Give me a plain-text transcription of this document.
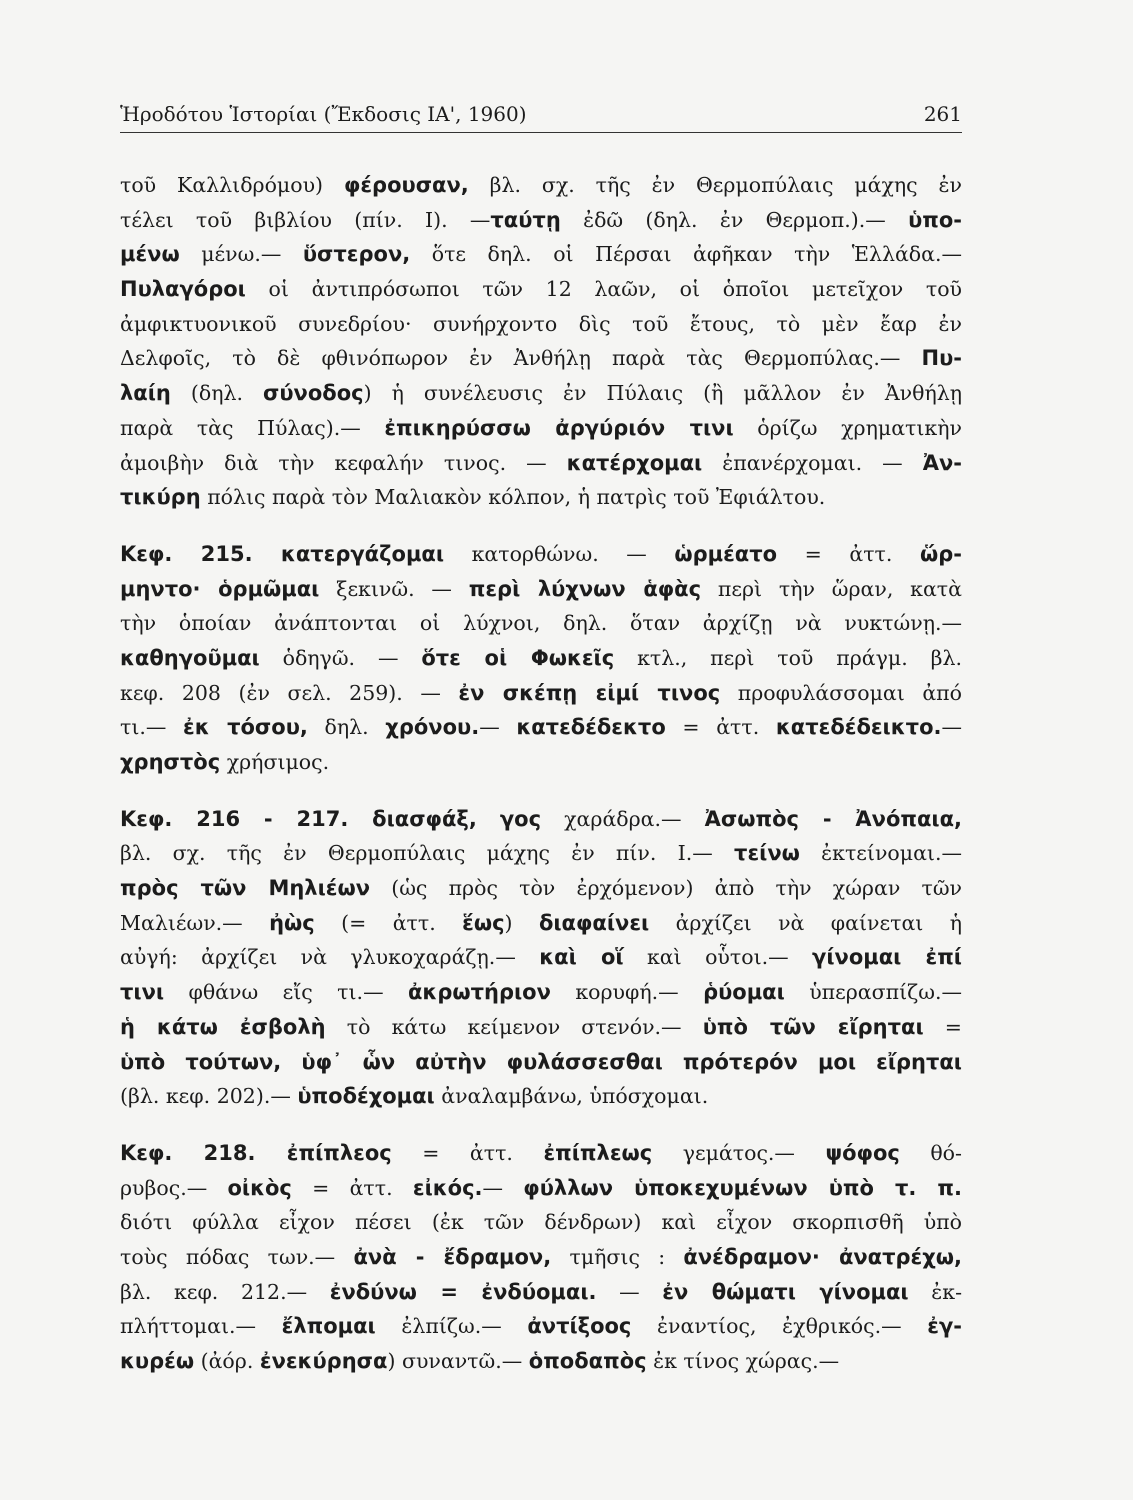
Ἡροδότου Ἱστορίαι (Ἔκδοσις ΙΑ', 1960)	261
τοῦ Καλλιδρόμου) φέρουσαν, βλ. σχ. τῆς ἐν Θερμοπύλαις μάχης ἐν
τέλει τοῦ βιβλίου (πίν. Ι). —ταύτῃ ἐδῶ (δηλ. ἐν Θερμοπ.).— ὑπο-
μένω μένω.— ὕστερον, ὅτε δηλ. οἱ Πέρσαι ἀφῆκαν τὴν Ἑλλάδα.—
Πυλαγόροι οἱ ἀντιπρόσωποι τῶν 12 λαῶν, οἱ ὁποῖοι μετεῖχον τοῦ
ἀμφικτυονικοῦ συνεδρίου· συνήρχοντο δὶς τοῦ ἔτους, τὸ μὲν ἔαρ ἐν
Δελφοῖς, τὸ δὲ φθινόπωρον ἐν Ἀνθήλῃ παρὰ τὰς Θερμοπύλας.— Πυ-
λαίη (δηλ. σύνοδος) ἡ συνέλευσις ἐν Πύλαις (ἢ μᾶλλον ἐν Ἀνθήλῃ
παρὰ τὰς Πύλας).— ἐπικηρύσσω ἀργύριόν τινι ὁρίζω χρηματικὴν
ἀμοιβὴν διὰ τὴν κεφαλήν τινος. — κατέρχομαι ἐπανέρχομαι. — Ἀν-
τικύρη πόλις παρὰ τὸν Μαλιακὸν κόλπον, ἡ πατρὶς τοῦ Ἐφιάλτου.
Κεφ. 215. κατεργάζομαι κατορθώνω. — ὡρμέατο = ἀττ. ὥρ-
μηντο· ὁρμῶμαι ξεκινῶ. — περὶ λύχνων ἁφὰς περὶ τὴν ὥραν, κατὰ
τὴν ὁποίαν ἀνάπτονται οἱ λύχνοι, δηλ. ὅταν ἀρχίζῃ νὰ νυκτώνῃ.—
καθηγοῦμαι ὁδηγῶ. — ὅτε οἱ Φωκεῖς κτλ., περὶ τοῦ πράγμ. βλ.
κεφ. 208 (ἐν σελ. 259). — ἐν σκέπῃ εἰμί τινος προφυλάσσομαι ἀπό
τι.— ἐκ τόσου, δηλ. χρόνου.— κατεδέδεκτο = ἀττ. κατεδέδεικτο.—
χρηστὸς χρήσιμος.
Κεφ. 216 - 217. διασφάξ, γος χαράδρα.— Ἀσωπὸς - Ἀνόπαια,
βλ. σχ. τῆς ἐν Θερμοπύλαις μάχης ἐν πίν. Ι.— τείνω ἐκτείνομαι.—
πρὸς τῶν Μηλιέων (ὡς πρὸς τὸν ἐρχόμενον) ἀπὸ τὴν χώραν τῶν
Μαλιέων.— ἠὼς (= ἀττ. ἕως) διαφαίνει ἀρχίζει νὰ φαίνεται ἡ
αὐγή: ἀρχίζει νὰ γλυκοχαράζῃ.— καὶ οἵ καὶ οὗτοι.— γίνομαι ἐπί
τινι φθάνω εἴς τι.— ἀκρωτήριον κορυφή.— ῥύομαι ὑπερασπίζω.—
ἡ κάτω ἐσβολὴ τὸ κάτω κείμενον στενόν.— ὑπὸ τῶν εἴρηται =
ὑπὸ τούτων, ὑφ᾽ ὧν αὐτὴν φυλάσσεσθαι πρότερόν μοι εἴρηται
(βλ. κεφ. 202).— ὑποδέχομαι ἀναλαμβάνω, ὑπόσχομαι.
Κεφ. 218. ἐπίπλεος = ἀττ. ἐπίπλεως γεμάτος.— ψόφος θό-
ρυβος.— οἰκὸς = ἀττ. εἰκός.— φύλλων ὑποκεχυμένων ὑπὸ τ. π.
διότι φύλλα εἶχον πέσει (ἐκ τῶν δένδρων) καὶ εἶχον σκορπισθῆ ὑπὸ
τοὺς πόδας των.— ἀνὰ - ἔδραμον, τμῆσις : ἀνέδραμον· ἀνατρέχω,
βλ. κεφ. 212.— ἐνδύνω = ἐνδύομαι. — ἐν θώματι γίνομαι ἐκ-
πλήττομαι.— ἔλπομαι ἐλπίζω.— ἀντίξοος ἐναντίος, ἐχθρικός.— ἐγ-
κυρέω (ἀόρ. ἐνεκύρησα) συναντῶ.— ὁποδαπὸς ἐκ τίνος χώρας.—
